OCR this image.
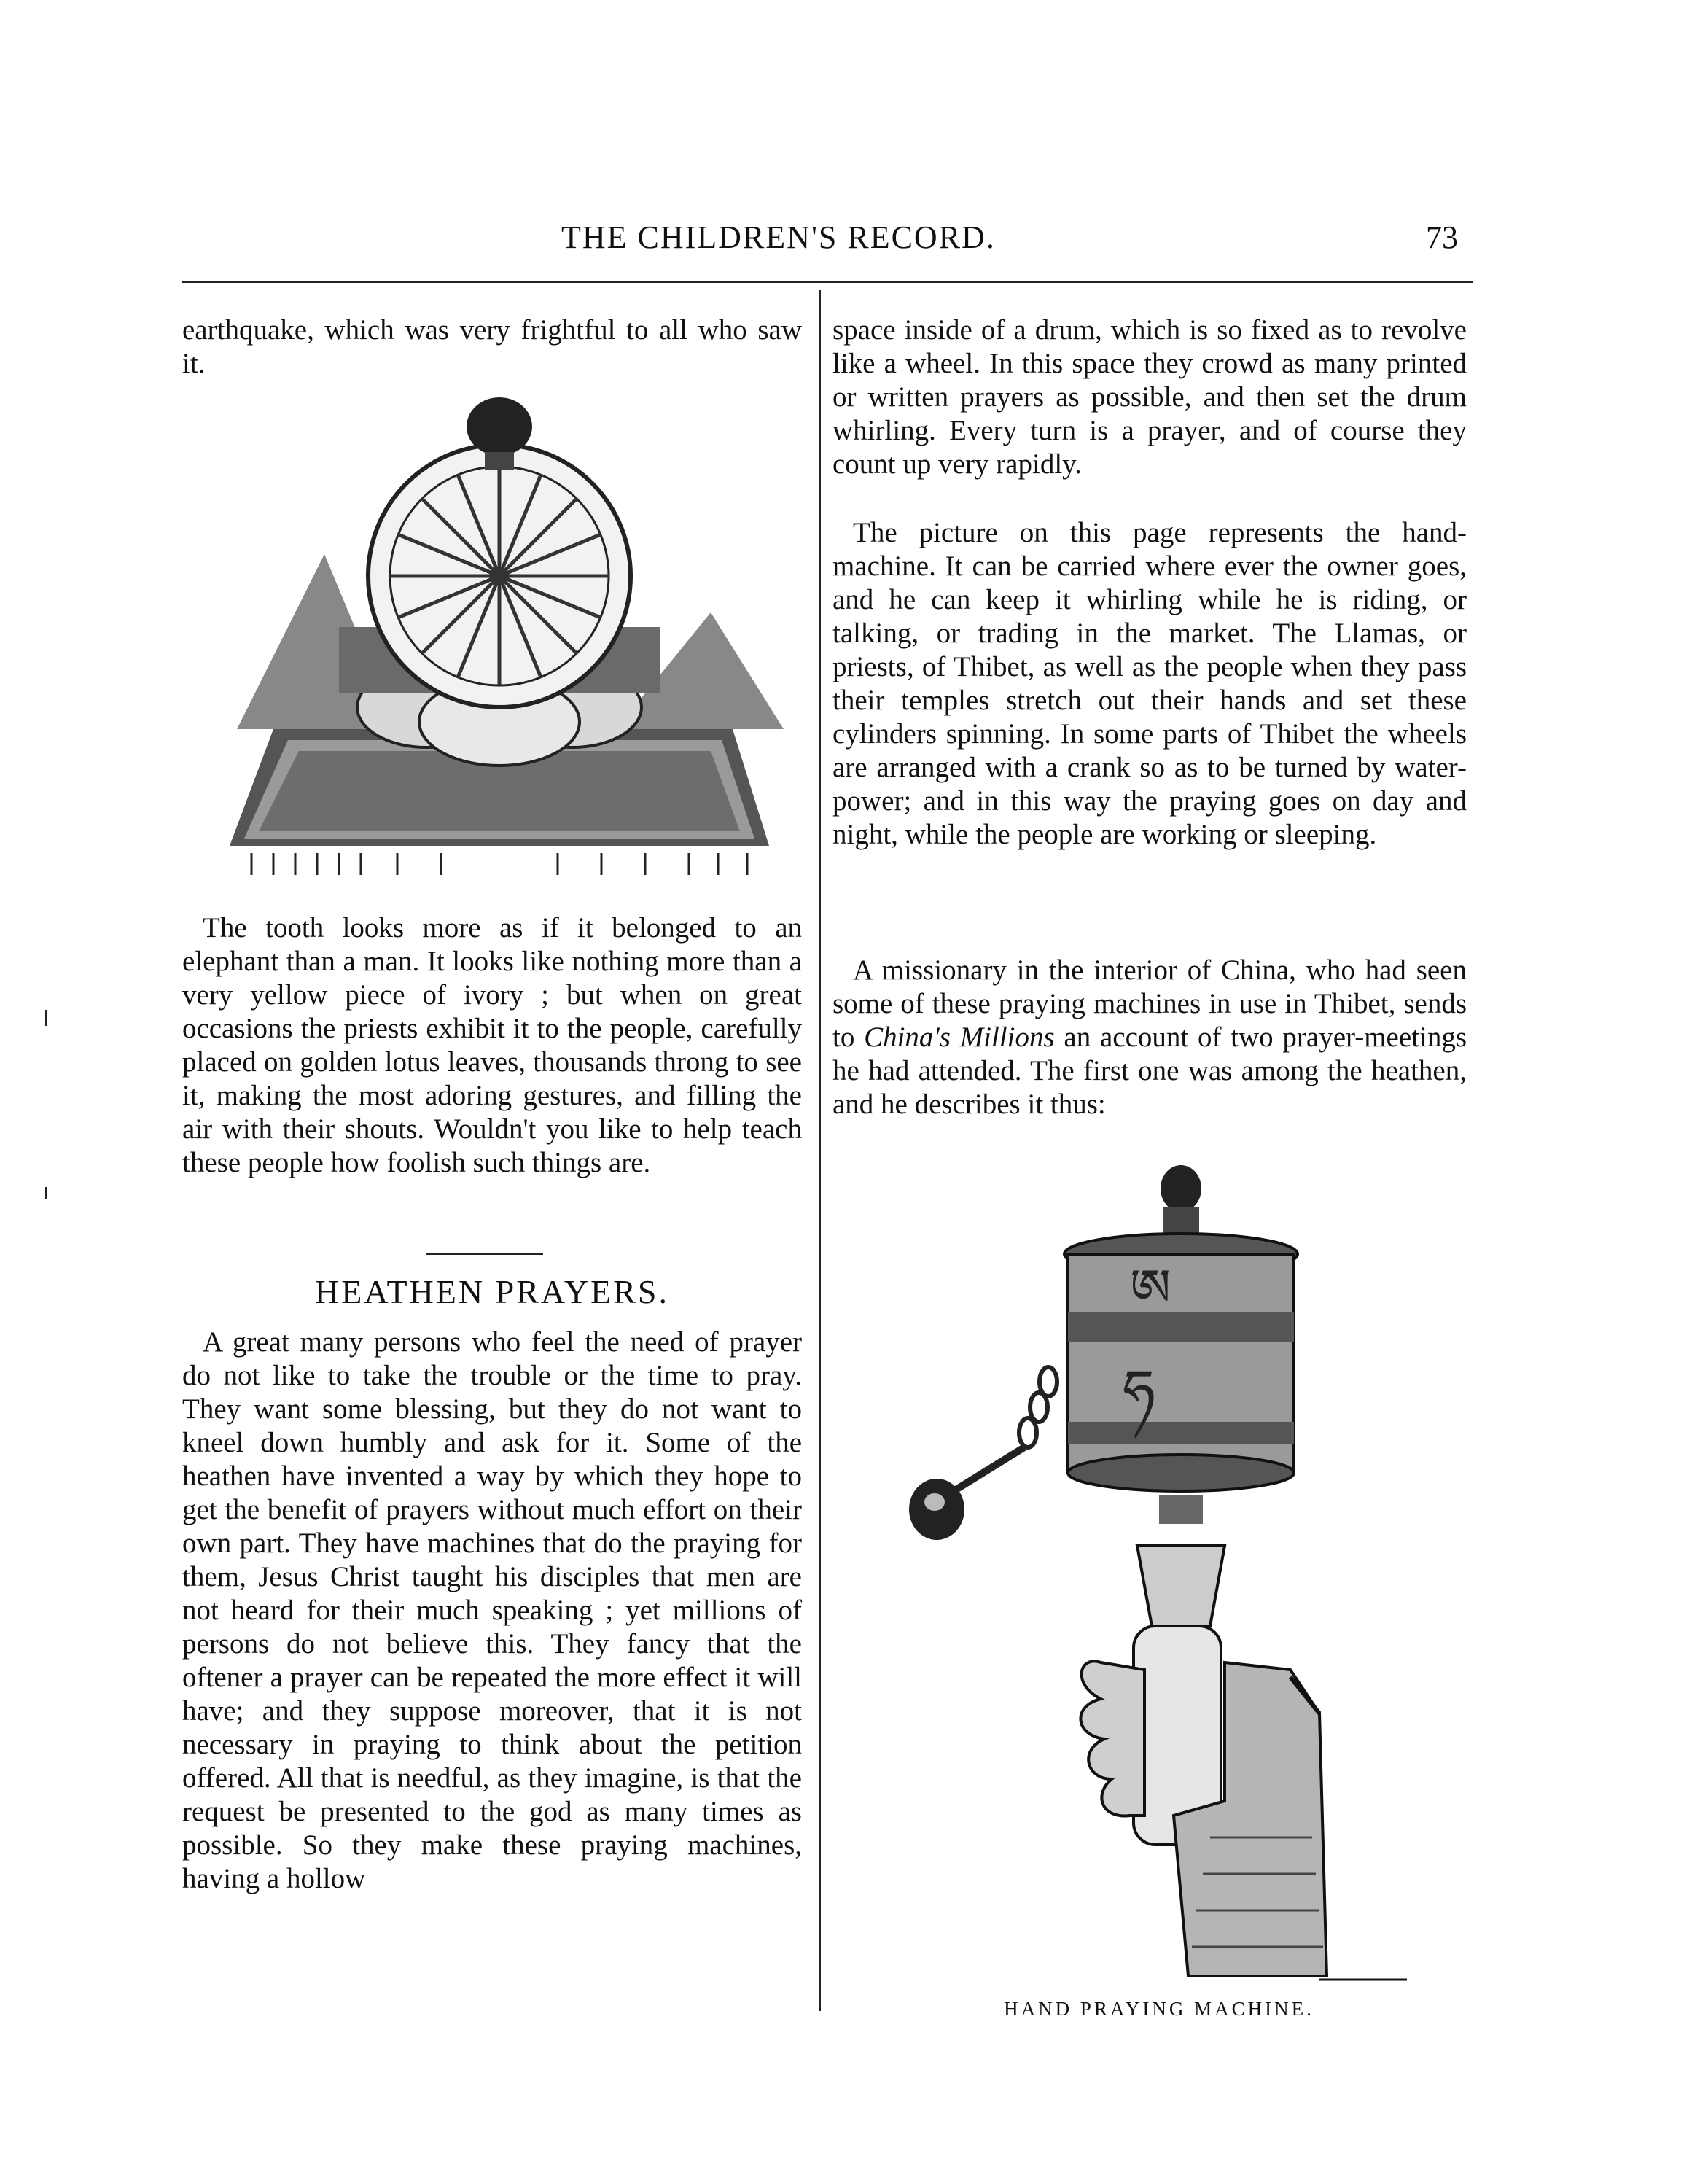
THE CHILDREN'S RECORD.	73

earthquake, which was very frightful to all who saw it.

The tooth looks more as if it belonged to an elephant than a man. It looks like nothing more than a very yellow piece of ivory ; but when on great occasions the priests exhibit it to the people, carefully placed on golden lotus leaves, thousands throng to see it, making the most adoring gestures, and filling the air with their shouts. Wouldn't you like to help teach these people how foolish such things are.

HEATHEN PRAYERS.

A great many persons who feel the need of prayer do not like to take the trouble or the time to pray. They want some blessing, but they do not want to kneel down humbly and ask for it. Some of the heathen have invented a way by which they hope to get the benefit of prayers without much effort on their own part. They have machines that do the praying for them, Jesus Christ taught his disciples that men are not heard for their much speaking ; yet millions of persons do not believe this. They fancy that the oftener a prayer can be repeated the more effect it will have; and they suppose moreover, that it is not necessary in praying to think about the petition offered. All that is needful, as they imagine, is that the request be presented to the god as many times as possible. So they make these praying machines, having a hollow

space inside of a drum, which is so fixed as to revolve like a wheel. In this space they crowd as many printed or written prayers as possible, and then set the drum whirling. Every turn is a prayer, and of course they count up very rapidly.

The picture on this page represents the hand-machine. It can be carried where ever the owner goes, and he can keep it whirling while he is riding, or talking, or trading in the market. The Llamas, or priests, of Thibet, as well as the people when they pass their temples stretch out their hands and set these cylinders spinning. In some parts of Thibet the wheels are arranged with a crank so as to be turned by water-power; and in this way the praying goes on day and night, while the people are working or sleeping.

A missionary in the interior of China, who had seen some of these praying machines in use in Thibet, sends to China's Millions an account of two prayer-meetings he had attended. The first one was among the heathen, and he describes it thus:

ཨ
ཧ
HAND PRAYING MACHINE.
